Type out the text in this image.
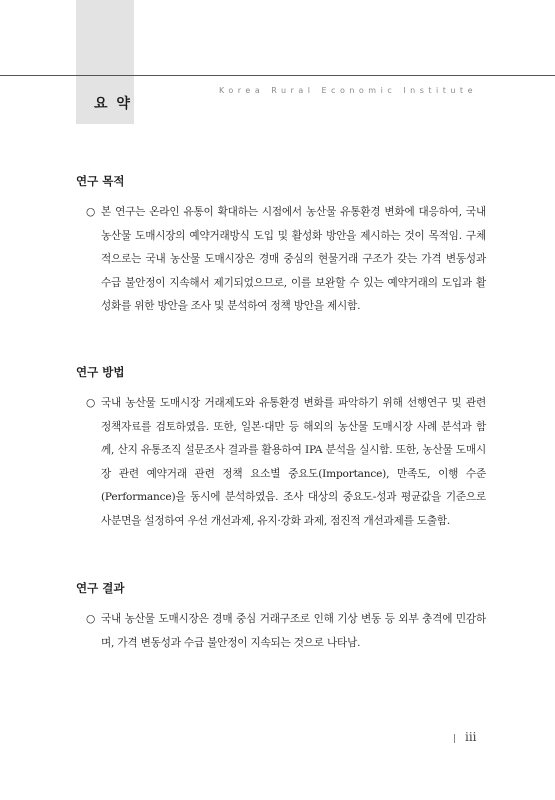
요 약
Korea Rural Economic Institute
연구 목적

○ 본 연구는 온라인 유통이 확대하는 시점에서 농산물 유통환경 변화에 대응하여, 국내 농산물 도매시장의 예약거래방식 도입 및 활성화 방안을 제시하는 것이 목적임. 구체적으로는 국내 농산물 도매시장은 경매 중심의 현물거래 구조가 갖는 가격 변동성과 수급 불안정이 지속해서 제기되었으므로, 이를 보완할 수 있는 예약거래의 도입과 활성화를 위한 방안을 조사 및 분석하여 정책 방안을 제시함.

연구 방법

○ 국내 농산물 도매시장 거래제도와 유통환경 변화를 파악하기 위해 선행연구 및 관련 정책자료를 검토하였음. 또한, 일본·대만 등 해외의 농산물 도매시장 사례 분석과 함께, 산지 유통조직 설문조사 결과를 활용하여 IPA 분석을 실시함. 또한, 농산물 도매시장 관련 예약거래 관련 정책 요소별 중요도(Importance), 만족도, 이행 수준(Performance)을 동시에 분석하였음. 조사 대상의 중요도-성과 평균값을 기준으로 사분면을 설정하여 우선 개선과제, 유지·강화 과제, 점진적 개선과제를 도출함.

연구 결과

○ 국내 농산물 도매시장은 경매 중심 거래구조로 인해 기상 변동 등 외부 충격에 민감하며, 가격 변동성과 수급 불안정이 지속되는 것으로 나타남.

iii
